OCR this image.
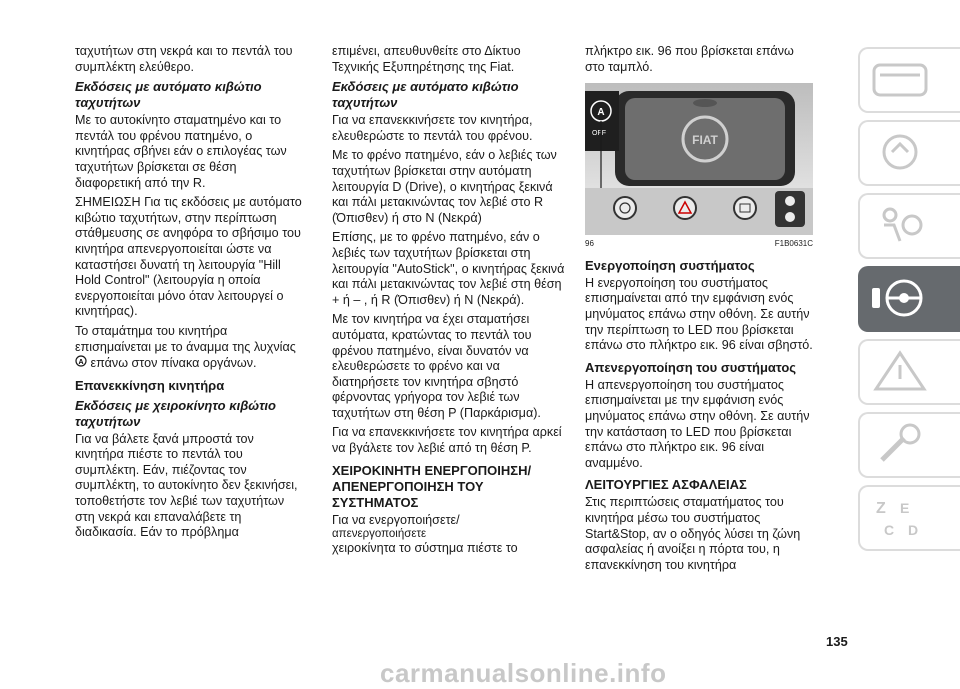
ταχυτήτων στη νεκρά και το πεντάλ του συμπλέκτη ελεύθερο.

Εκδόσεις με αυτόματο κιβώτιο ταχυτήτων

Με το αυτοκίνητο σταματημένο και το πεντάλ του φρένου πατημένο, ο κινητήρας σβήνει εάν ο επιλογέας των ταχυτήτων βρίσκεται σε θέση διαφορετική από την R.

ΣΗΜΕΙΩΣΗ Για τις εκδόσεις με αυτόματο κιβώτιο ταχυτήτων, στην περίπτωση στάθμευσης σε ανηφόρα το σβήσιμο του κινητήρα απενεργοποιείται ώστε να καταστήσει δυνατή τη λειτουργία "Hill Hold Control" (λειτουργία η οποία ενεργοποιείται μόνο όταν λειτουργεί ο κινητήρας).

Το σταμάτημα του κινητήρα επισημαίνεται με το άναμμα της λυχνίας
A επάνω στον πίνακα οργάνων.

Επανεκκίνηση κινητήρα
Εκδόσεις με χειροκίνητο κιβώτιο ταχυτήτων

Για να βάλετε ξανά μπροστά τον κινητήρα πιέστε το πεντάλ του συμπλέκτη. Εάν, πιέζοντας τον συμπλέκτη, το αυτοκίνητο δεν ξεκινήσει, τοποθετήστε τον λεβιέ των ταχυτήτων στη νεκρά και επαναλάβετε τη διαδικασία. Εάν το πρόβλημα

επιμένει, απευθυνθείτε στο Δίκτυο Τεχνικής Εξυπηρέτησης της Fiat.

Εκδόσεις με αυτόματο κιβώτιο ταχυτήτων

Για να επανεκκινήσετε τον κινητήρα, ελευθερώστε το πεντάλ του φρένου.

Με το φρένο πατημένο, εάν ο λεβιές των ταχυτήτων βρίσκεται στην αυτόματη λειτουργία D (Drive), ο κινητήρας ξεκινά και πάλι μετακινώντας τον λεβιέ στο R (Όπισθεν) ή στο N (Νεκρά)

Επίσης, με το φρένο πατημένο, εάν ο λεβιές των ταχυτήτων βρίσκεται στη λειτουργία "AutoStick", ο κινητήρας ξεκινά και πάλι μετακινώντας τον λεβιέ στη θέση + ή – , ή R (Όπισθεν) ή N (Νεκρά).

Με τον κινητήρα να έχει σταματήσει αυτόματα, κρατώντας το πεντάλ του φρένου πατημένο, είναι δυνατόν να ελευθερώσετε το φρένο και να διατηρήσετε τον κινητήρα σβηστό φέρνοντας γρήγορα τον λεβιέ των ταχυτήτων στη θέση P (Παρκάρισμα).

Για να επανεκκινήσετε τον κινητήρα αρκεί να βγάλετε τον λεβιέ από τη θέση P.

ΧΕΙΡΟΚΙΝΗΤΗ ΕΝΕΡΓΟΠΟΙΗΣΗ/ΑΠΕΝΕΡΓΟΠΟΙΗΣΗ ΤΟΥ ΣΥΣΤΗΜΑΤΟΣ

Για να ενεργοποιήσετε/

απενεργοποιήσετε

χειροκίνητα το σύστημα πιέστε το

πλήκτρο εικ. 96 που βρίσκεται επάνω στο ταμπλό.

FIAT
A
OFF
96	F1B0631C
Ενεργοποίηση συστήματος

Η ενεργοποίηση του συστήματος επισημαίνεται από την εμφάνιση ενός μηνύματος επάνω στην οθόνη. Σε αυτήν την περίπτωση το LED που βρίσκεται επάνω στο πλήκτρο εικ. 96 είναι σβηστό.

Απενεργοποίηση του συστήματος

Η απενεργοποίηση του συστήματος επισημαίνεται με την εμφάνιση ενός μηνύματος επάνω στην οθόνη. Σε αυτήν την κατάσταση το LED που βρίσκεται επάνω στο πλήκτρο εικ. 96 είναι αναμμένο.

ΛΕΙΤΟΥΡΓΙΕΣ ΑΣΦΑΛΕΙΑΣ

Στις περιπτώσεις σταματήματος του κινητήρα μέσω του συστήματος Start&Stop, αν ο οδηγός λύσει τη ζώνη ασφαλείας ή ανοίξει η πόρτα του, η επανεκκίνηση του κινητήρα

Z E
C D
135
carmanualsonline.info
